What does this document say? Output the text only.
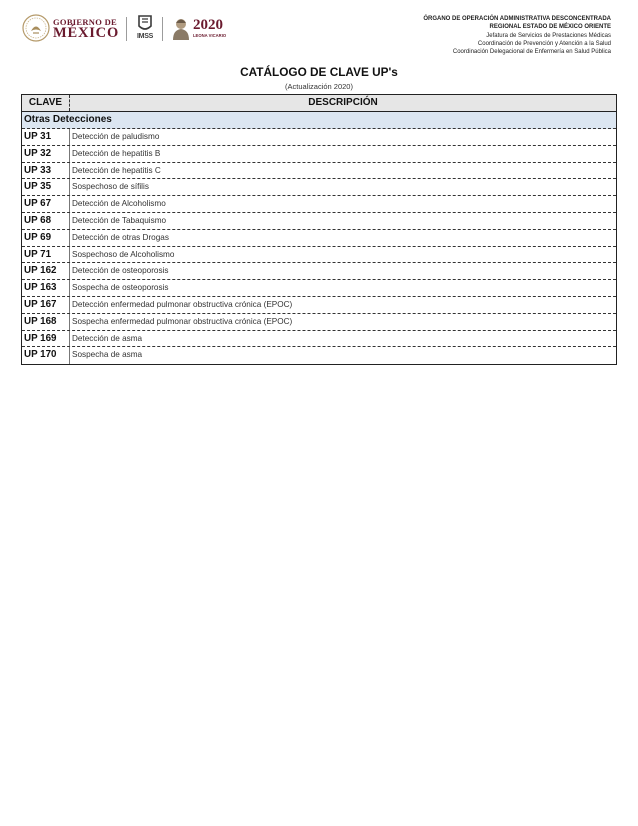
GOBIERNO DE
MÉXICO	IMSS
2020
LEONA VICARIO
ÓRGANO DE OPERACIÓN ADMINISTRATIVA DESCONCENTRADA
REGIONAL ESTADO DE MÉXICO ORIENTE
Jefatura de Servicios de Prestaciones Médicas
Coordinación de Prevención y Atención a la Salud
Coordinación Delegacional de Enfermería en Salud Pública
CATÁLOGO DE CLAVE UP's
(Actualización 2020)
CLAVE	DESCRIPCIÓN
Otras Detecciones
UP 31	Detección de paludismo
UP 32	Detección de hepatitis B
UP 33	Detección de hepatitis C
UP 35	Sospechoso de sífilis
UP 67	Detección de Alcoholismo
UP 68	Detección de Tabaquismo
UP 69	Detección de otras Drogas
UP 71	Sospechoso de Alcoholismo
UP 162	Detección de osteoporosis
UP 163	Sospecha de osteoporosis
UP 167	Detección enfermedad pulmonar obstructiva crónica (EPOC)
UP 168	Sospecha enfermedad pulmonar obstructiva crónica (EPOC)
UP 169	Detección de asma
UP 170	Sospecha de asma
